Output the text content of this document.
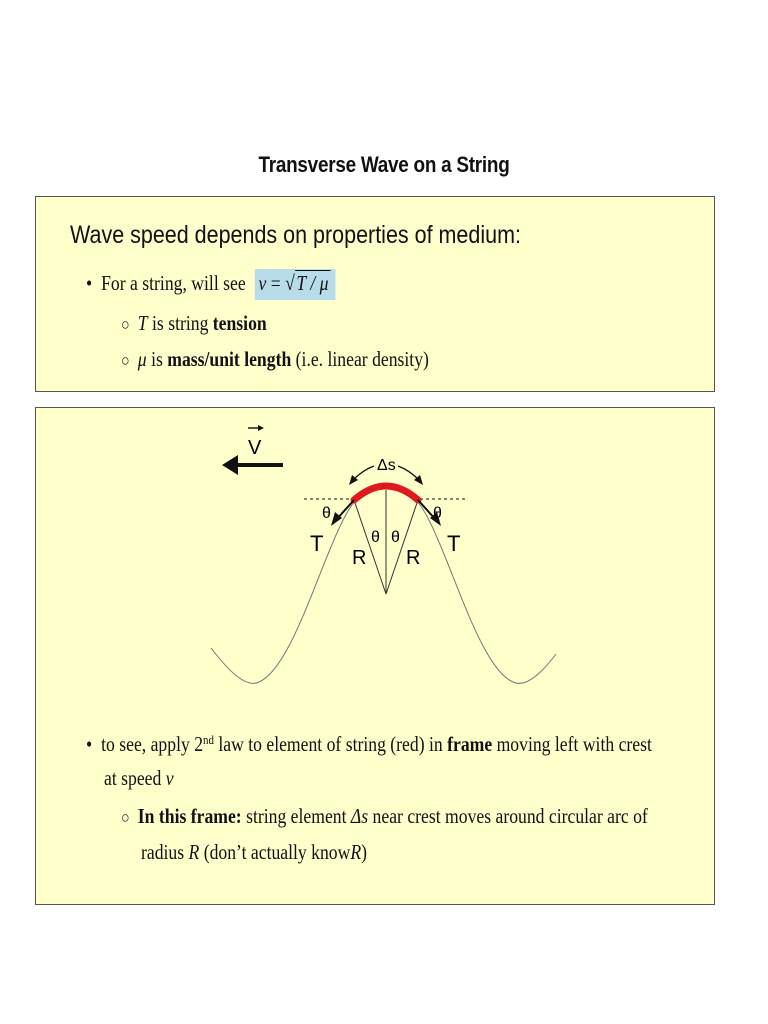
Transverse Wave on a String
Wave speed depends on properties of medium:
• For a string, will see v = √T / μ
○ T is string tension
○ μ is mass/unit length (i.e. linear density)
V
Δs
θ	θ
θ θ
T	T
R R
• to see, apply 2nd law to element of string (red) in frame moving left with crest
at speed v
○ In this frame: string element Δs near crest moves around circular arc of
radius R (don’t actually knowR)
